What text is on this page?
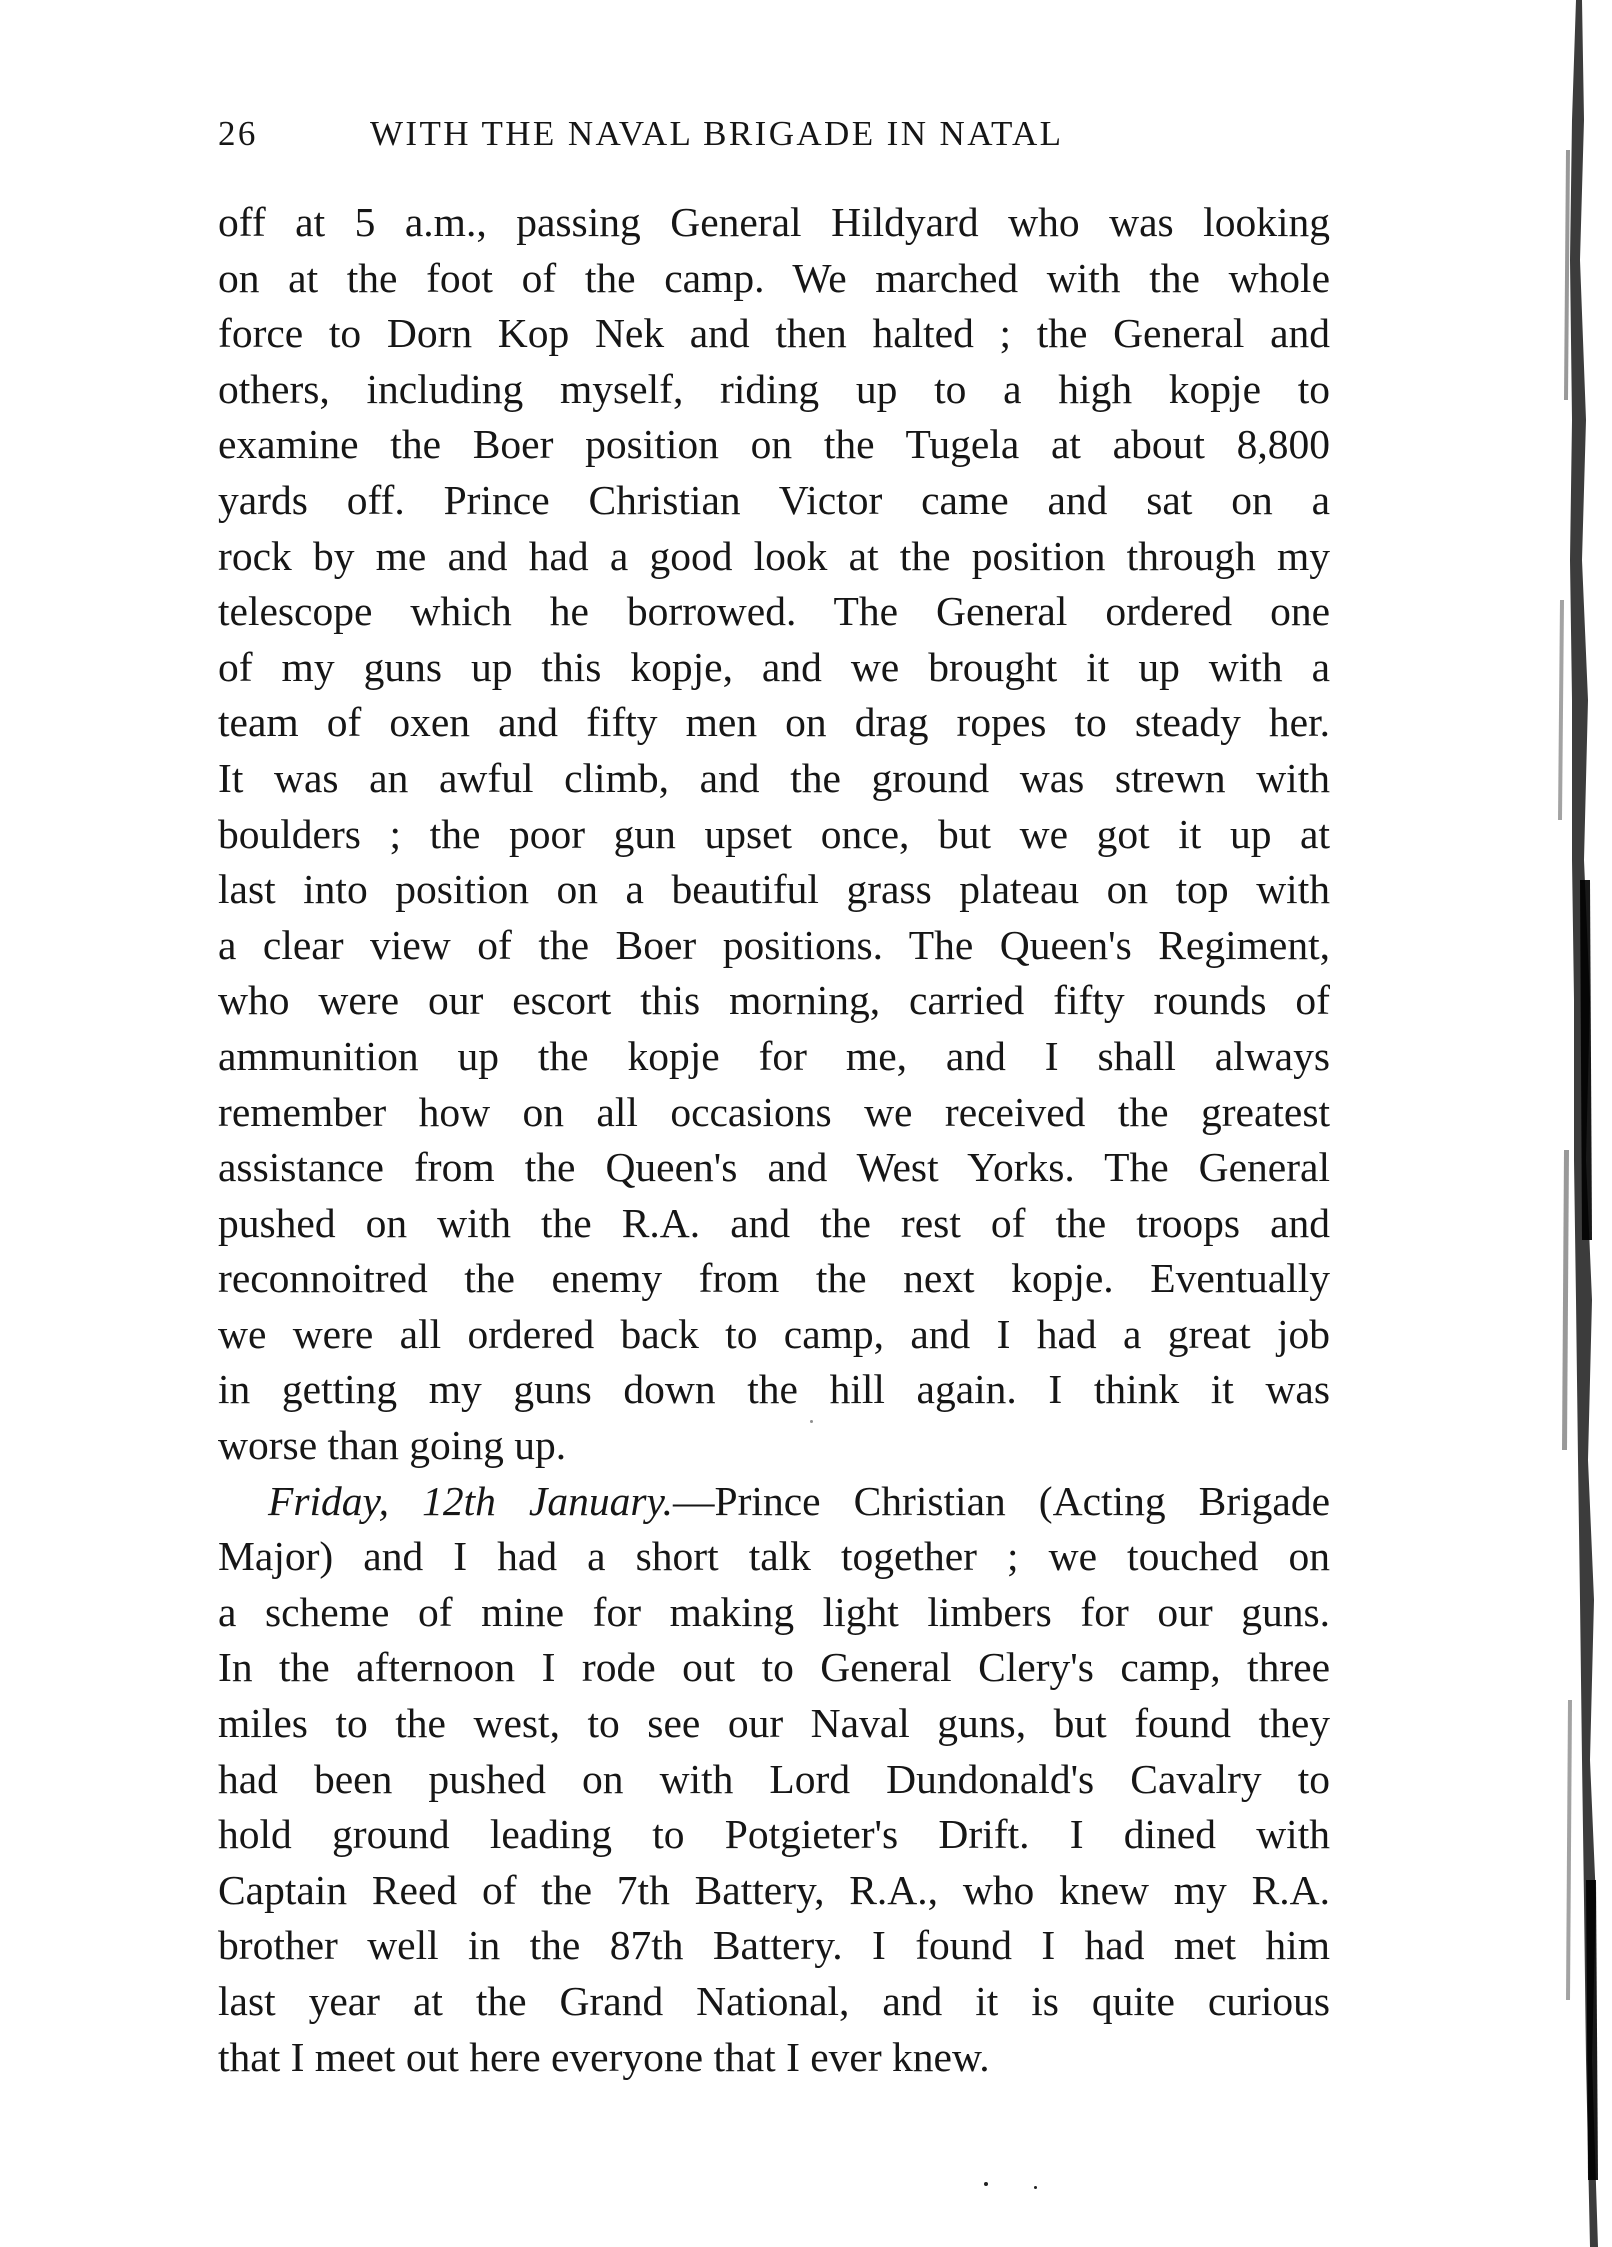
26	WITH THE NAVAL BRIGADE IN NATAL
off at 5 a.m., passing General Hildyard who was looking
on at the foot of the camp. We marched with the whole
force to Dorn Kop Nek and then halted ; the General and
others, including myself, riding up to a high kopje to
examine the Boer position on the Tugela at about 8,800
yards off. Prince Christian Victor came and sat on a
rock by me and had a good look at the position through my
telescope which he borrowed. The General ordered one
of my guns up this kopje, and we brought it up with a
team of oxen and fifty men on drag ropes to steady her.
It was an awful climb, and the ground was strewn with
boulders ; the poor gun upset once, but we got it up at
last into position on a beautiful grass plateau on top with
a clear view of the Boer positions. The Queen's Regiment,
who were our escort this morning, carried fifty rounds of
ammunition up the kopje for me, and I shall always
remember how on all occasions we received the greatest
assistance from the Queen's and West Yorks. The General
pushed on with the R.A. and the rest of the troops and
reconnoitred the enemy from the next kopje. Eventually
we were all ordered back to camp, and I had a great job
in getting my guns down the hill again. I think it was
worse than going up.
Friday, 12th January.—Prince Christian (Acting Brigade
Major) and I had a short talk together ; we touched on
a scheme of mine for making light limbers for our guns.
In the afternoon I rode out to General Clery's camp, three
miles to the west, to see our Naval guns, but found they
had been pushed on with Lord Dundonald's Cavalry to
hold ground leading to Potgieter's Drift. I dined with
Captain Reed of the 7th Battery, R.A., who knew my R.A.
brother well in the 87th Battery. I found I had met him
last year at the Grand National, and it is quite curious
that I meet out here everyone that I ever knew.
